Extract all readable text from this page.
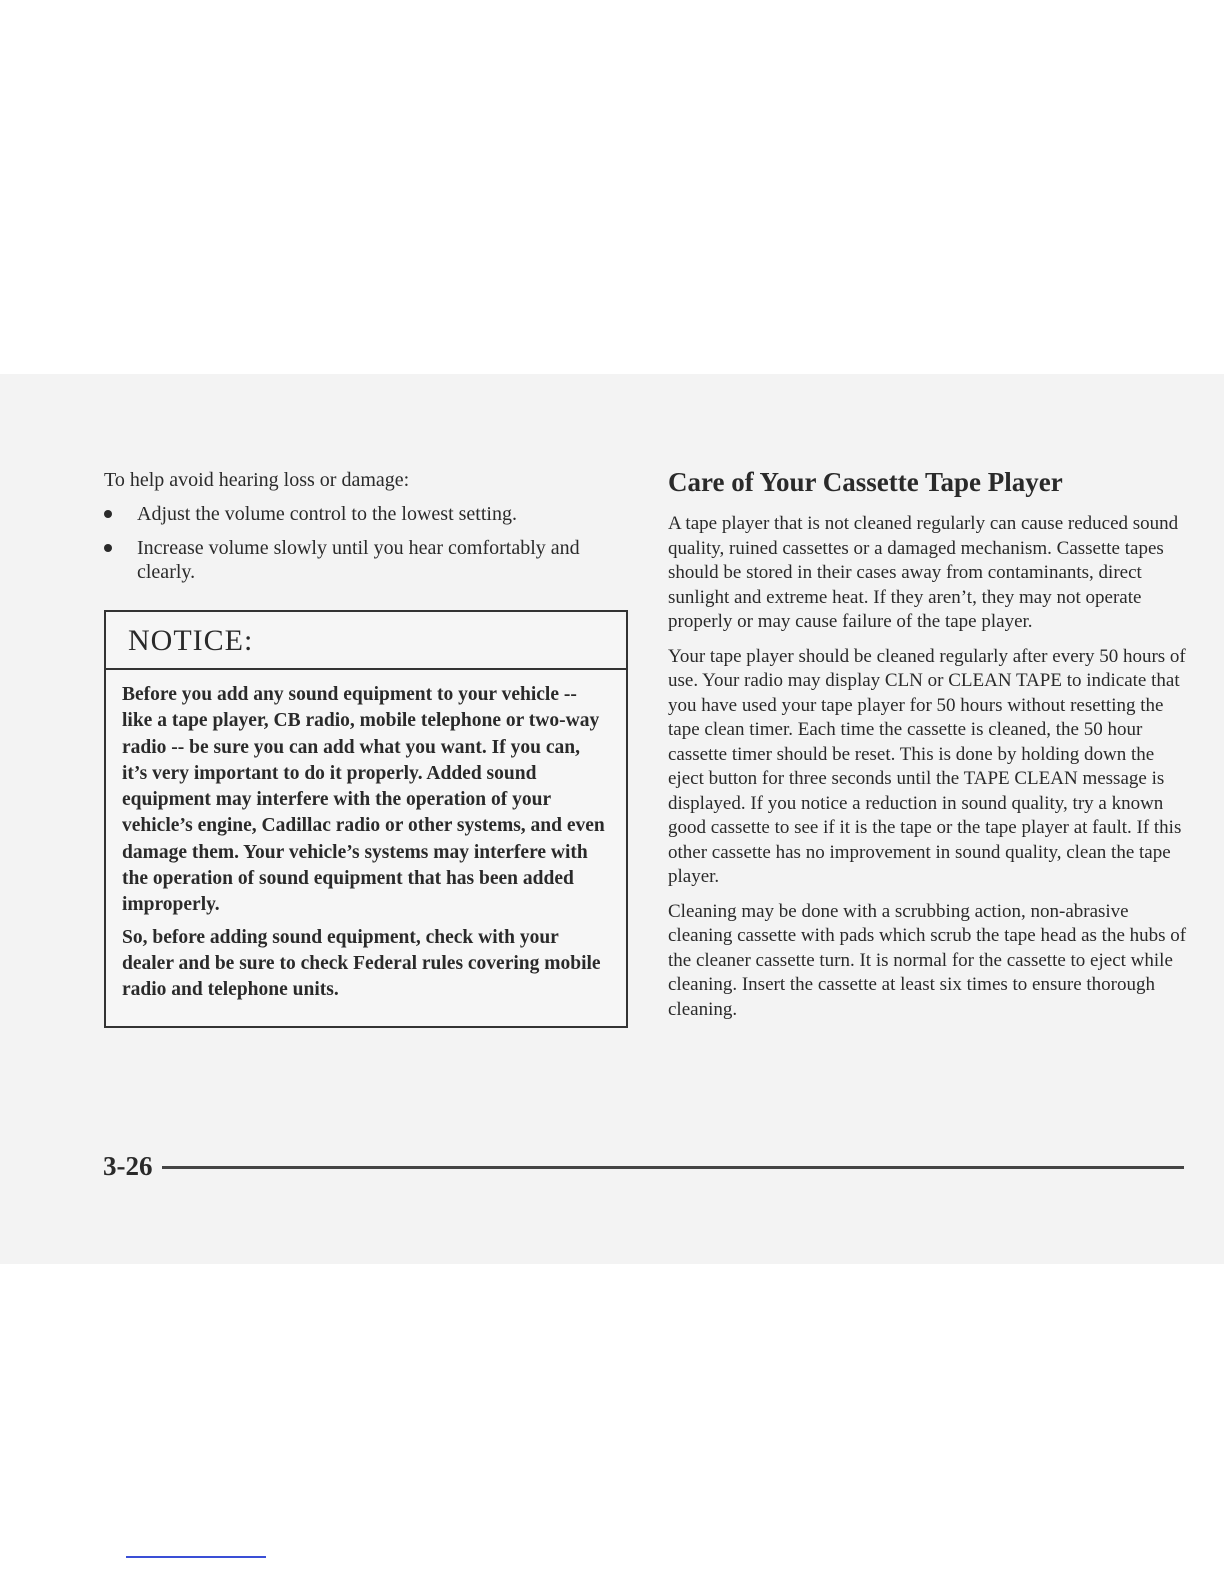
To help avoid hearing loss or damage:

Adjust the volume control to the lowest setting.
Increase volume slowly until you hear comfortably and clearly.
NOTICE:

Before you add any sound equipment to your vehicle -- like a tape player, CB radio, mobile telephone or two-way radio -- be sure you can add what you want. If you can, it’s very important to do it properly. Added sound equipment may interfere with the operation of your vehicle’s engine, Cadillac radio or other systems, and even damage them. Your vehicle’s systems may interfere with the operation of sound equipment that has been added improperly.

So, before adding sound equipment, check with your dealer and be sure to check Federal rules covering mobile radio and telephone units.

Care of Your Cassette Tape Player

A tape player that is not cleaned regularly can cause reduced sound quality, ruined cassettes or a damaged mechanism. Cassette tapes should be stored in their cases away from contaminants, direct sunlight and extreme heat. If they aren’t, they may not operate properly or may cause failure of the tape player.

Your tape player should be cleaned regularly after every 50 hours of use. Your radio may display CLN or CLEAN TAPE to indicate that you have used your tape player for 50 hours without resetting the tape clean timer. Each time the cassette is cleaned, the 50 hour cassette timer should be reset. This is done by holding down the eject button for three seconds until the TAPE CLEAN message is displayed. If you notice a reduction in sound quality, try a known good cassette to see if it is the tape or the tape player at fault. If this other cassette has no improvement in sound quality, clean the tape player.

Cleaning may be done with a scrubbing action, non-abrasive cleaning cassette with pads which scrub the tape head as the hubs of the cleaner cassette turn. It is normal for the cassette to eject while cleaning. Insert the cassette at least six times to ensure thorough cleaning.

3-26
